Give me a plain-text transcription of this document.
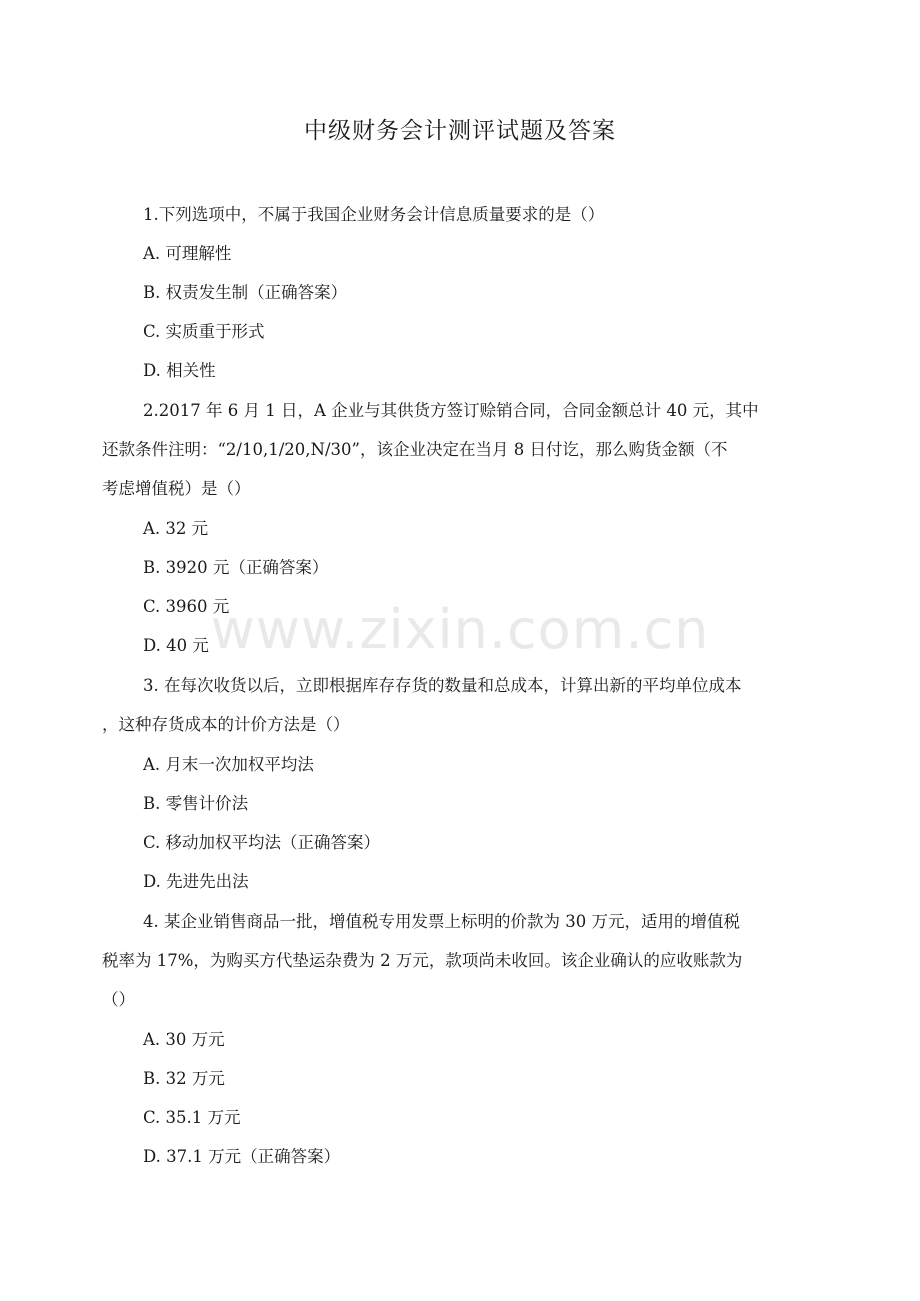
中级财务会计测评试题及答案
1.下列选项中，不属于我国企业财务会计信息质量要求的是（）
A. 可理解性
B. 权责发生制（正确答案）
C. 实质重于形式
D. 相关性
2.2017 年 6 月 1 日，A 企业与其供货方签订赊销合同，合同金额总计 40 元，其中
还款条件注明：“2/10,1/20,N/30”，该企业决定在当月 8 日付讫，那么购货金额（不
考虑增值税）是（）
A. 32 元
B. 3920 元（正确答案）
C. 3960 元
D. 40 元
3. 在每次收货以后，立即根据库存存货的数量和总成本，计算出新的平均单位成本
，这种存货成本的计价方法是（）
A. 月末一次加权平均法
B. 零售计价法
C. 移动加权平均法（正确答案）
D. 先进先出法
4. 某企业销售商品一批，增值税专用发票上标明的价款为 30 万元，适用的增值税
税率为 17%，为购买方代垫运杂费为 2 万元，款项尚未收回。该企业确认的应收账款为
（）
A. 30 万元
B. 32 万元
C. 35.1 万元
D. 37.1 万元（正确答案）
www.zixin.com.cn
